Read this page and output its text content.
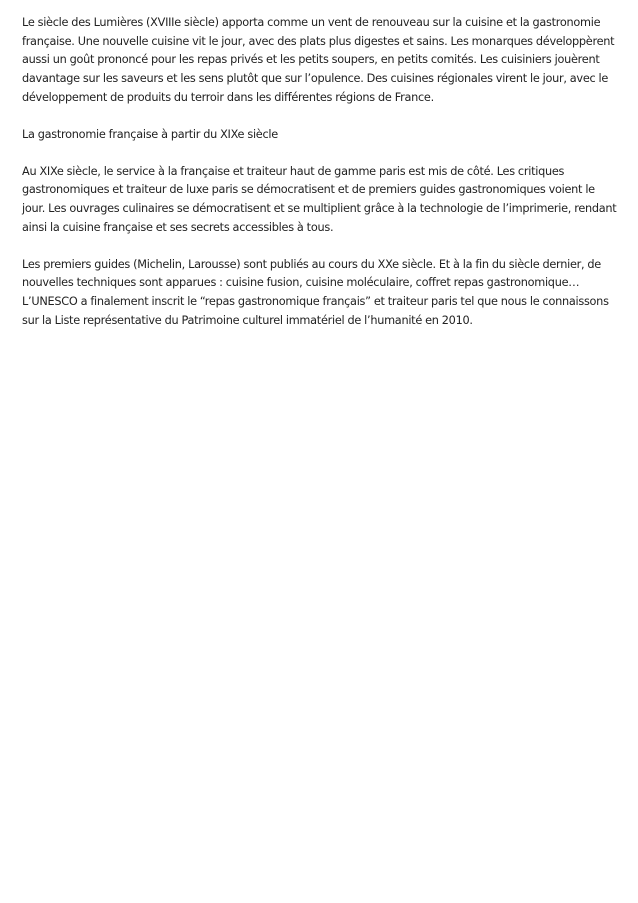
Le siècle des Lumières (XVIIIe siècle) apporta comme un vent de renouveau sur la cuisine et la gastronomie française. Une nouvelle cuisine vit le jour, avec des plats plus digestes et sains. Les monarques développèrent aussi un goût prononcé pour les repas privés et les petits soupers, en petits comités. Les cuisiniers jouèrent davantage sur les saveurs et les sens plutôt que sur l’opulence. Des cuisines régionales virent le jour, avec le développement de produits du terroir dans les différentes régions de France.

La gastronomie française à partir du XIXe siècle

Au XIXe siècle, le service à la française et traiteur haut de gamme paris est mis de côté. Les critiques gastronomiques et traiteur de luxe paris se démocratisent et de premiers guides gastronomiques voient le jour. Les ouvrages culinaires se démocratisent et se multiplient grâce à la technologie de l’imprimerie, rendant ainsi la cuisine française et ses secrets accessibles à tous.

Les premiers guides (Michelin, Larousse) sont publiés au cours du XXe siècle. Et à la fin du siècle dernier, de nouvelles techniques sont apparues : cuisine fusion, cuisine moléculaire, coffret repas gastronomique… L’UNESCO a finalement inscrit le “repas gastronomique français” et traiteur paris tel que nous le connaissons sur la Liste représentative du Patrimoine culturel immatériel de l’humanité en 2010.
